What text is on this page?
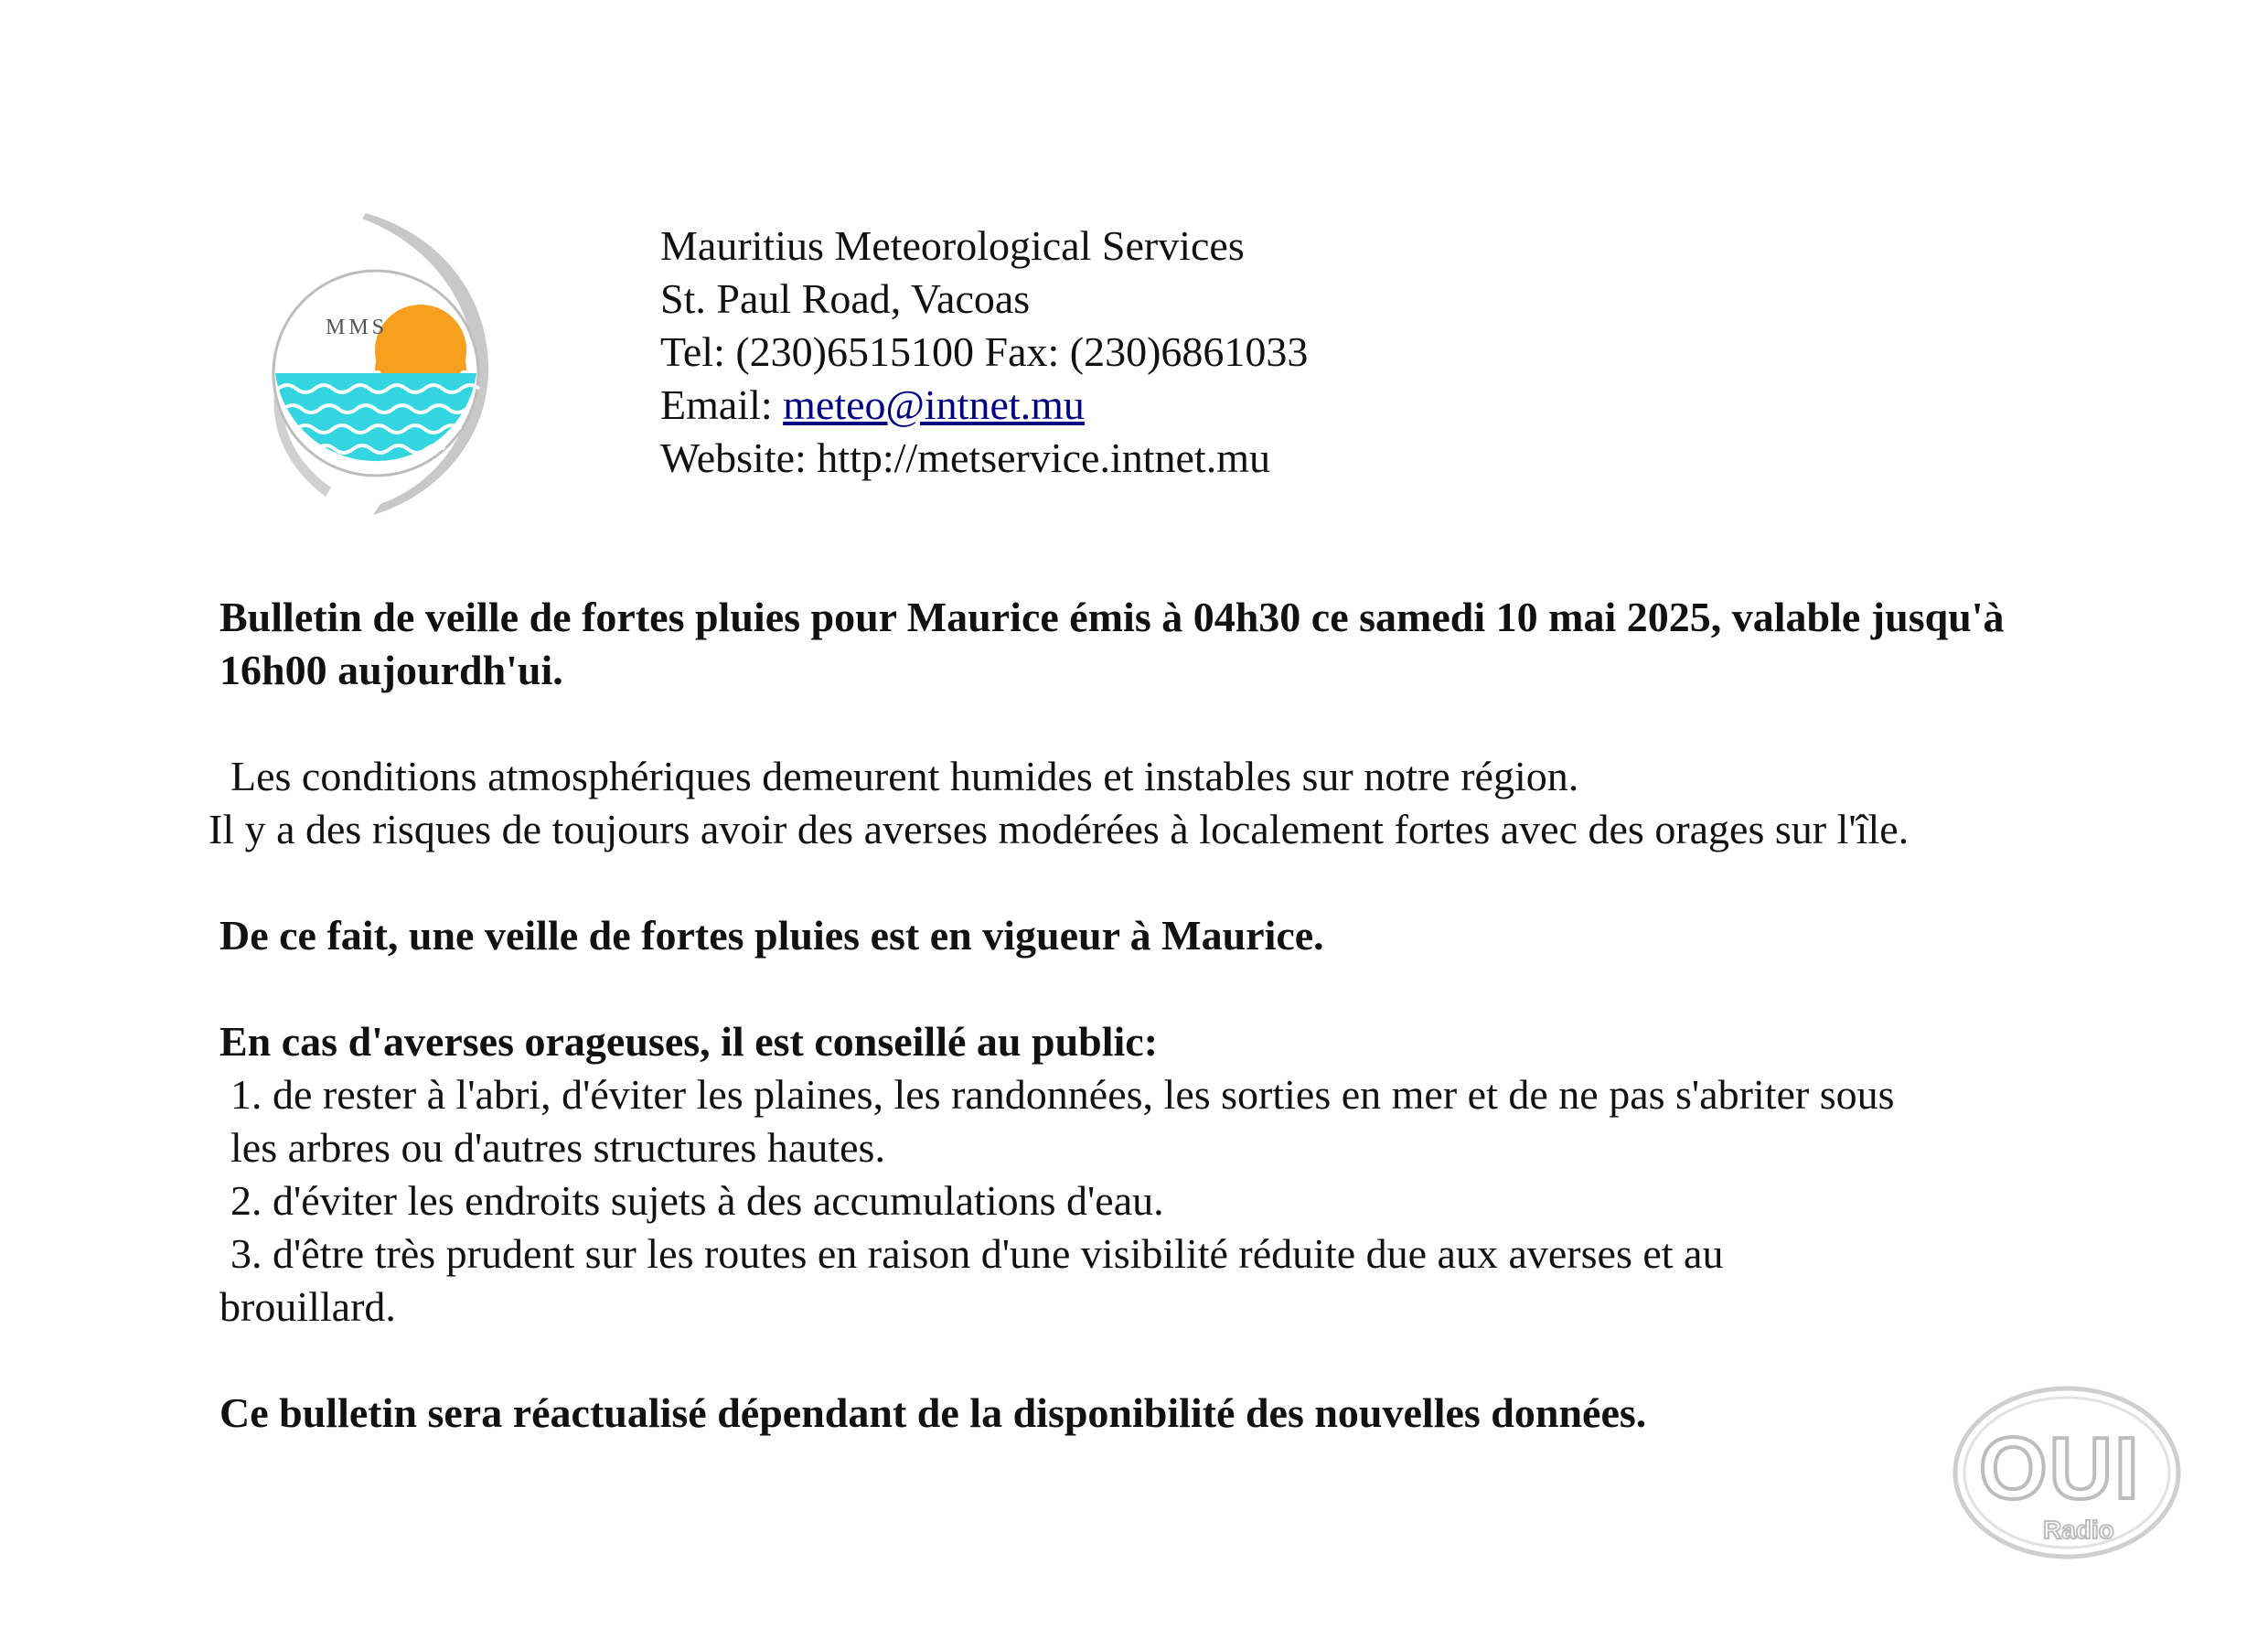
MMS
Mauritius Meteorological Services
St. Paul Road, Vacoas
Tel: (230)6515100 Fax: (230)6861033
Email: meteo@intnet.mu
Website: http://metservice.intnet.mu

Bulletin de veille de fortes pluies pour Maurice émis à 04h30 ce samedi 10 mai 2025, valable jusqu'à 16h00 aujourdh'ui.

Les conditions atmosphériques demeurent humides et instables sur notre région.

Il y a des risques de toujours avoir des averses modérées à localement fortes avec des orages sur l'île.

De ce fait, une veille de fortes pluies est en vigueur à Maurice.

En cas d'averses orageuses, il est conseillé au public:

1. de rester à l'abri, d'éviter les plaines, les randonnées, les sorties en mer et de ne pas s'abriter sous

les arbres ou d'autres structures hautes.

2. d'éviter les endroits sujets à des accumulations d'eau.

3. d'être très prudent sur les routes en raison d'une visibilité réduite due aux averses et au

brouillard.

Ce bulletin sera réactualisé dépendant de la disponibilité des nouvelles données.

OUI
Radio
